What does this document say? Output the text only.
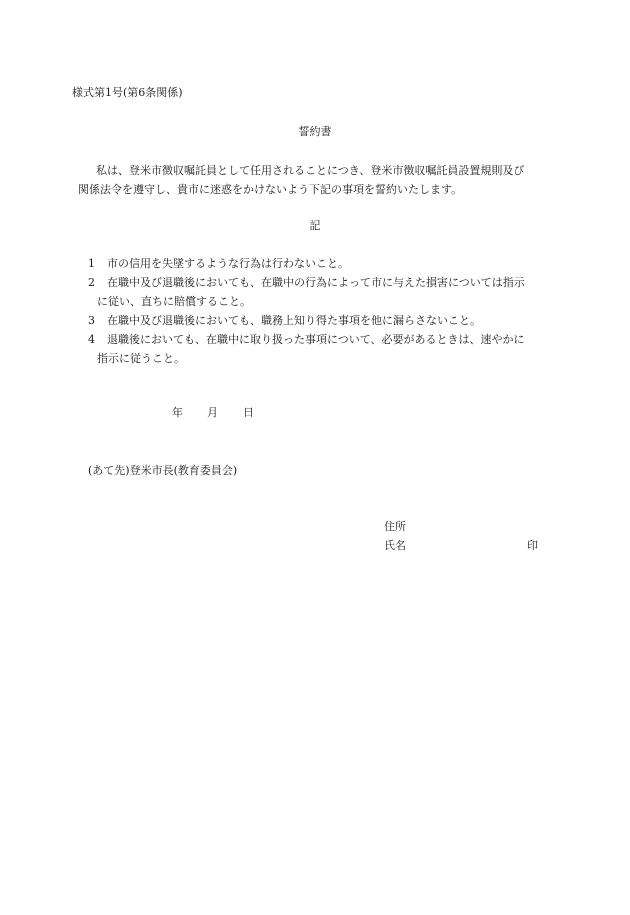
様式第1号(第6条関係)
誓約書
私は、登米市徴収嘱託員として任用されることにつき、登米市徴収嘱託員設置規則及び
関係法令を遵守し、貴市に迷惑をかけないよう下記の事項を誓約いたします。
記
1 市の信用を失墜するような行為は行わないこと。
2 在職中及び退職後においても、在職中の行為によって市に与えた損害については指示
に従い、直ちに賠償すること。
3 在職中及び退職後においても、職務上知り得た事項を他に漏らさないこと。
4 退職後においても、在職中に取り扱った事項について、必要があるときは、速やかに
指示に従うこと。
年 月 日
(あて先)登米市長(教育委員会)
住所
氏名	印
